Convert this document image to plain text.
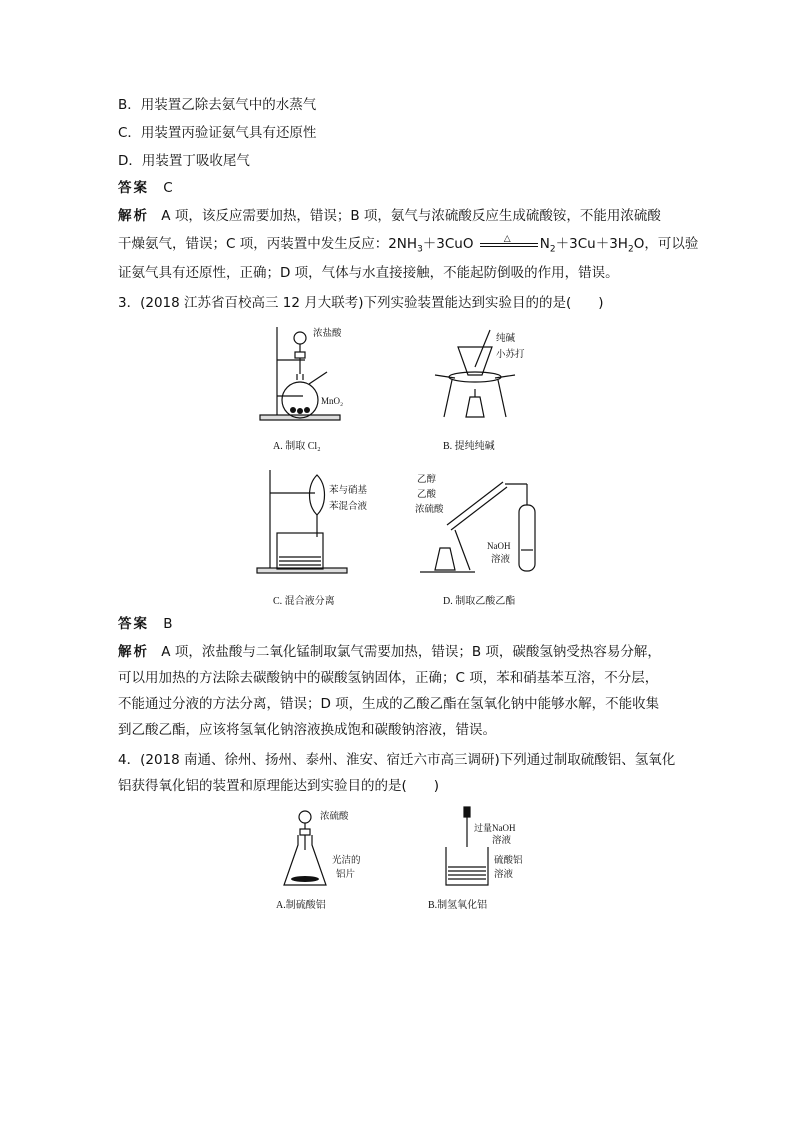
B．用装置乙除去氨气中的水蒸气
C．用装置丙验证氨气具有还原性
D．用装置丁吸收尾气
答案 C
解析 A 项，该反应需要加热，错误；B 项，氨气与浓硫酸反应生成硫酸铵，不能用浓硫酸
干燥氨气，错误；C 项，丙装置中发生反应：$2NH_3+3CuO$	△ $N_2+3Cu+3H_2O$，可以验
证氨气具有还原性，正确；D 项，气体与水直接接触，不能起防倒吸的作用，错误。
3．(2018 江苏省百校高三 12 月大联考)下列实验装置能达到实验目的的是(　　)
浓盐酸
MnO₂
A. 制取 Cl₂
纯碱
小苏打
B. 提纯纯碱
苯与硝基
苯混合液
C. 混合液分离
乙醇
乙酸
浓硫酸
NaOH
溶液
D. 制取乙酸乙酯
答案 B
解析 A 项，浓盐酸与二氧化锰制取氯气需要加热，错误；B 项，碳酸氢钠受热容易分解，
可以用加热的方法除去碳酸钠中的碳酸氢钠固体，正确；C 项，苯和硝基苯互溶，不分层，
不能通过分液的方法分离，错误；D 项，生成的乙酸乙酯在氢氧化钠中能够水解，不能收集
到乙酸乙酯，应该将氢氧化钠溶液换成饱和碳酸钠溶液，错误。
4．(2018 南通、徐州、扬州、泰州、淮安、宿迁六市高三调研)下列通过制取硫酸铝、氢氧化
铝获得氧化铝的装置和原理能达到实验目的的是(　　)
浓硫酸
光洁的
铝片
A.制硫酸铝
过量NaOH
溶液
硫酸铝
溶液
B.制氢氧化铝
